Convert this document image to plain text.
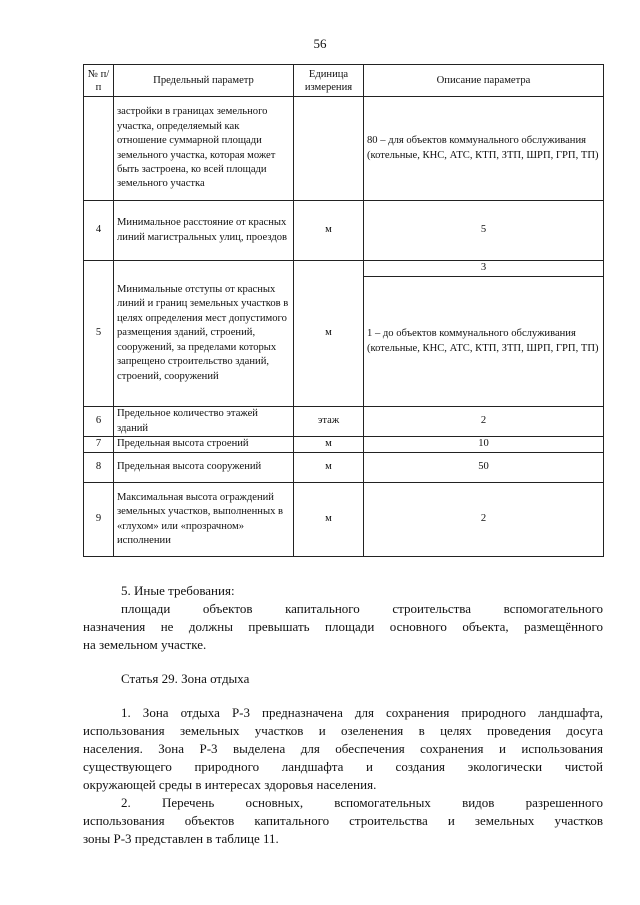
56
№ п/п	Предельный параметр	Единица измерения	Описание параметра
	застройки в границах земельного участка, определяемый как отношение суммарной площади земельного участка, которая может быть застроена, ко всей площади земельного участка		80 – для объектов коммунального обслуживания (котельные, КНС, АТС, КТП, ЗТП, ШРП, ГРП, ТП)
4	Минимальное расстояние от красных линий магистральных улиц, проездов	м	5
5	Минимальные отступы от красных линий и границ земельных участков в целях определения мест допустимого размещения зданий, строений, сооружений, за пределами которых запрещено строительство зданий, строений, сооружений	м	3
			1 – до объектов коммунального обслуживания (котельные, КНС, АТС, КТП, ЗТП, ШРП, ГРП, ТП)
6	Предельное количество этажей зданий	этаж	2
7	Предельная высота строений	м	10
8	Предельная высота сооружений	м	50
9	Максимальная высота ограждений земельных участков, выполненных в «глухом» или «прозрачном» исполнении	м	2

5. Иные требования:

площади объектов капитального строительства вспомогательного

назначения не должны превышать площади основного объекта, размещённого

на земельном участке.

Статья 29. Зона отдыха

1. Зона отдыха Р-3 предназначена для сохранения природного ландшафта,

использования земельных участков и озеленения в целях проведения досуга

населения. Зона Р-3 выделена для обеспечения сохранения и использования

существующего природного ландшафта и создания экологически чистой

окружающей среды в интересах здоровья населения.

2. Перечень основных, вспомогательных видов разрешенного

использования объектов капитального строительства и земельных участков

зоны Р-3 представлен в таблице 11.
